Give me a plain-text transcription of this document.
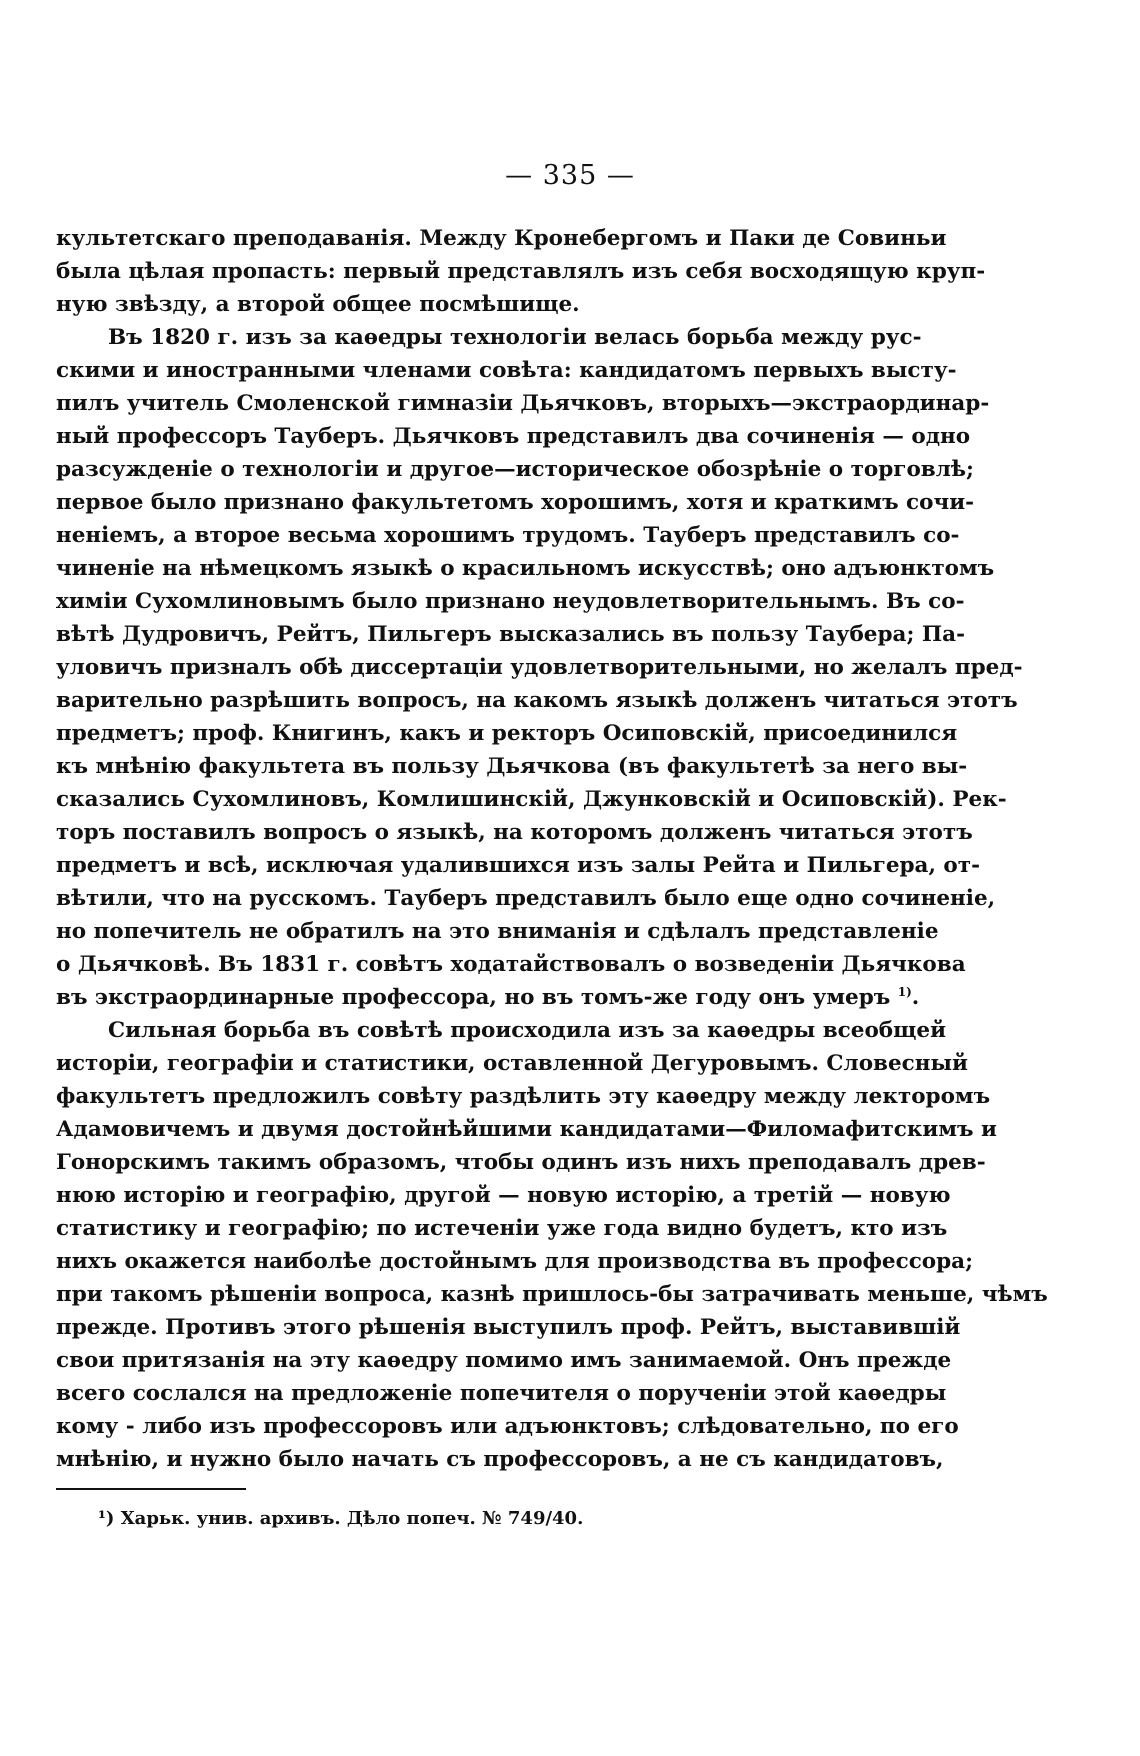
— 335 —
культетскаго преподаванія. Между Кронебергомъ и Паки де Совиньи
была цѣлая пропасть: первый представлялъ изъ себя восходящую круп-
ную звѣзду, а второй общее посмѣшище.
Въ 1820 г. изъ за каѳедры технологіи велась борьба между рус-
скими и иностранными членами совѣта: кандидатомъ первыхъ высту-
пилъ учитель Смоленской гимназіи Дьячковъ, вторыхъ—экстраординар-
ный профессоръ Тауберъ. Дьячковъ представилъ два сочиненія — одно
разсужденіе о технологіи и другое—историческое обозрѣніе о торговлѣ;
первое было признано факультетомъ хорошимъ, хотя и краткимъ сочи-
неніемъ, а второе весьма хорошимъ трудомъ. Тауберъ представилъ со-
чиненіе на нѣмецкомъ языкѣ о красильномъ искусствѣ; оно адъюнктомъ
химіи Сухомлиновымъ было признано неудовлетворительнымъ. Въ со-
вѣтѣ Дудровичъ, Рейтъ, Пильгеръ высказались въ пользу Таубера; Па-
уловичъ призналъ обѣ диссертаціи удовлетворительными, но желалъ пред-
варительно разрѣшить вопросъ, на какомъ языкѣ долженъ читаться этотъ
предметъ; проф. Книгинъ, какъ и ректоръ Осиповскій, присоединился
къ мнѣнію факультета въ пользу Дьячкова (въ факультетѣ за него вы-
сказались Сухомлиновъ, Комлишинскій, Джунковскій и Осиповскій). Рек-
торъ поставилъ вопросъ о языкѣ, на которомъ долженъ читаться этотъ
предметъ и всѣ, исключая удалившихся изъ залы Рейта и Пильгера, от-
вѣтили, что на русскомъ. Тауберъ представилъ было еще одно сочиненіе,
но попечитель не обратилъ на это вниманія и сдѣлалъ представленіе
о Дьячковѣ. Въ 1831 г. совѣтъ ходатайствовалъ о возведеніи Дьячкова
въ экстраординарные профессора, но въ томъ-же году онъ умеръ $^{1)}$.
Сильная борьба въ совѣтѣ происходила изъ за каѳедры всеобщей
исторіи, географіи и статистики, оставленной Дегуровымъ. Словесный
факультетъ предложилъ совѣту раздѣлить эту каѳедру между лекторомъ
Адамовичемъ и двумя достойнѣйшими кандидатами—Филомафитскимъ и
Гонорскимъ такимъ образомъ, чтобы одинъ изъ нихъ преподавалъ древ-
нюю исторію и географію, другой — новую исторію, а третій — новую
статистику и географію; по истеченіи уже года видно будетъ, кто изъ
нихъ окажется наиболѣе достойнымъ для производства въ профессора;
при такомъ рѣшеніи вопроса, казнѣ пришлось-бы затрачивать меньше, чѣмъ
прежде. Противъ этого рѣшенія выступилъ проф. Рейтъ, выставившій
свои притязанія на эту каѳедру помимо имъ занимаемой. Онъ прежде
всего сослался на предложеніе попечителя о порученіи этой каѳедры
кому - либо изъ профессоровъ или адъюнктовъ; слѣдовательно, по его
мнѣнію, и нужно было начать съ профессоровъ, а не съ кандидатовъ,
¹) Харьк. унив. архивъ. Дѣло попеч. № 749/40.
